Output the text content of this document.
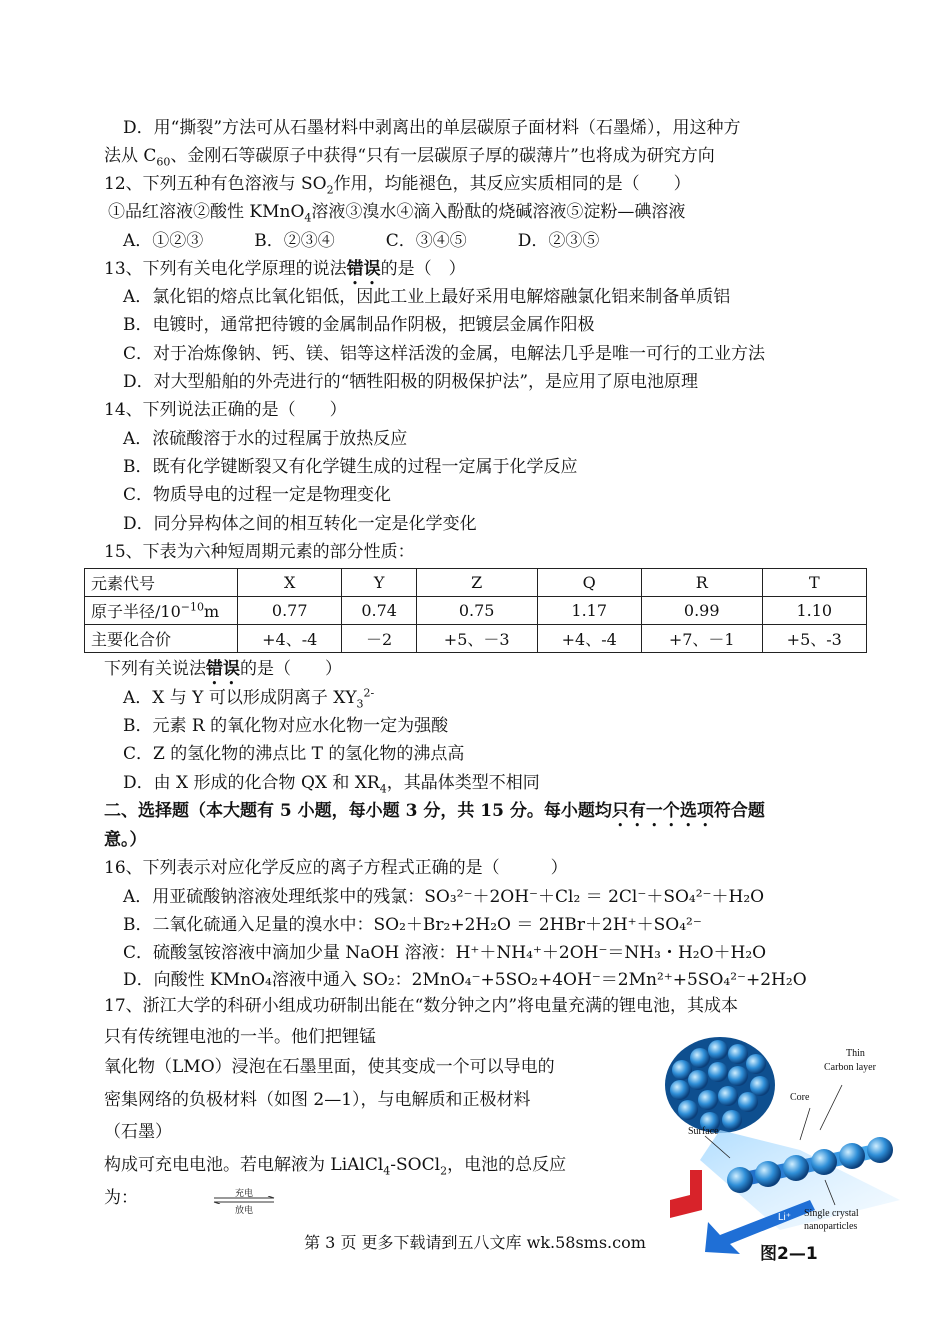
D．用“撕裂”方法可从石墨材料中剥离出的单层碳原子面材料（石墨烯），用这种方
法从 $C_{60}$、金刚石等碳原子中获得“只有一层碳原子厚的碳薄片”也将成为研究方向
12、下列五种有色溶液与 $SO_2$作用，均能褪色，其反应实质相同的是（　　）
①品红溶液②酸性 KMnO$_4$溶液③溴水④滴入酚酞的烧碱溶液⑤淀粉—碘溶液
A．①②③　　　B．②③④　　　C．③④⑤　　　D．②③⑤
13、下列有关电化学原理的说法错误的是（　）
A．氯化铝的熔点比氧化铝低，因此工业上最好采用电解熔融氯化铝来制备单质铝
B．电镀时，通常把待镀的金属制品作阴极，把镀层金属作阳极
C．对于冶炼像钠、钙、镁、铝等这样活泼的金属，电解法几乎是唯一可行的工业方法
D．对大型船舶的外壳进行的“牺牲阳极的阴极保护法”，是应用了原电池原理
14、下列说法正确的是（　　）
A．浓硫酸溶于水的过程属于放热反应
B．既有化学键断裂又有化学键生成的过程一定属于化学反应
C．物质导电的过程一定是物理变化
D．同分异构体之间的相互转化一定是化学变化
15、下表为六种短周期元素的部分性质：
元素代号	X	Y	Z	Q	R	T
原子半径$/10^{-10}m$	0.77	0.74	0.75	1.17	0.99	1.10
主要化合价	+4、-4	－2	+5、－3	+4、-4	+7、－1	+5、-3
下列有关说法错误的是（　　）
A．X 与 Y 可以形成阴离子 $XY_3^{2-}$
B．元素 R 的氧化物对应水化物一定为强酸
C．Z 的氢化物的沸点比 T 的氢化物的沸点高
D．由 X 形成的化合物 QX 和 $XR_4$，其晶体类型不相同
二、选择题（本大题有 5 小题，每小题 3 分，共 15 分。每小题均只有一个选项符合题
意。）
16、下列表示对应化学反应的离子方程式正确的是（　　　）
A．用亚硫酸钠溶液处理纸浆中的残氯：SO₃²⁻＋2OH⁻＋Cl₂ ＝ 2Cl⁻＋SO₄²⁻＋H₂O
B．二氧化硫通入足量的溴水中：SO₂＋Br₂+2H₂O ＝ 2HBr＋2H⁺＋SO₄²⁻
C．硫酸氢铵溶液中滴加少量 NaOH 溶液：H⁺＋NH₄⁺＋2OH⁻＝NH₃・H₂O＋H₂O
D．向酸性 KMnO₄溶液中通入 SO₂：2MnO₄⁻+5SO₂+4OH⁻＝2Mn²⁺+5SO₄²⁻+2H₂O
17、浙江大学的科研小组成功研制出能在“数分钟之内”将电量充满的锂电池，其成本
只有传统锂电池的一半。他们把锂锰
氧化物（LMO）浸泡在石墨里面，使其变成一个可以导电的
密集网络的负极材料（如图 2—1），与电解质和正极材料
（石墨）
构成可充电电池。若电解液为 LiAlCl$_4$-SOCl$_2$，电池的总反应
为：	充电
放电
Thin
Carbon layer
Core
Surface
Single crystal
nanoparticles
e⁻
Li⁺
图2—1
第 3 页 更多下载请到五八文库 wk.58sms.com
